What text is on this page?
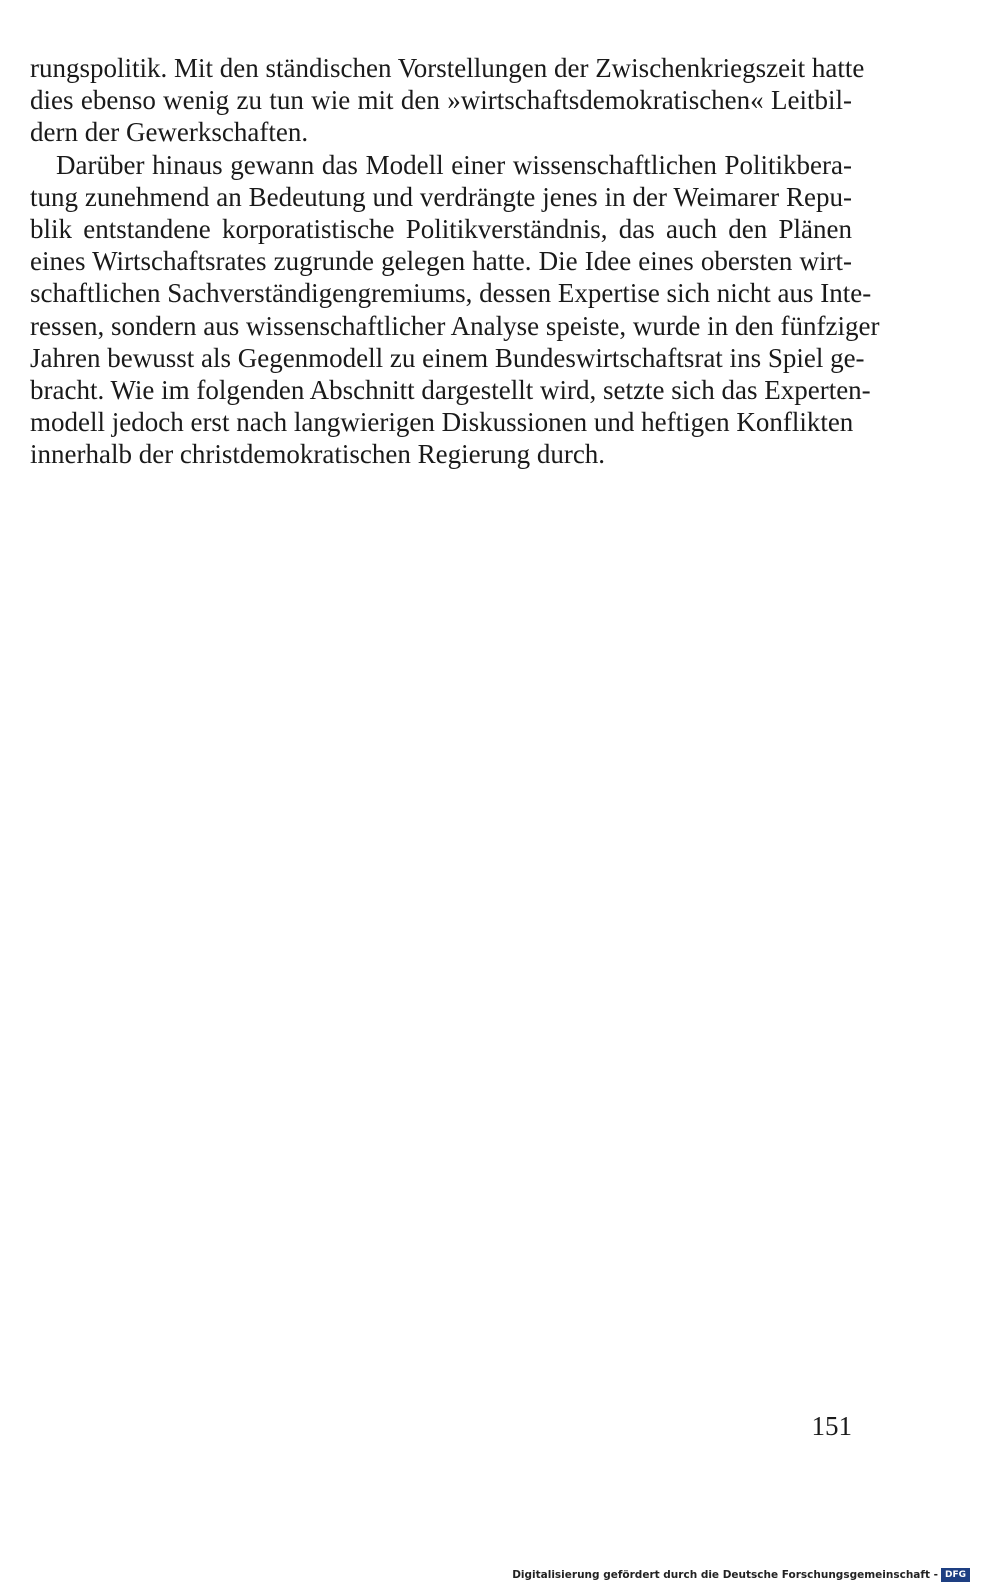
rungspolitik. Mit den ständischen Vorstellungen der Zwischenkriegszeit hatte
dies ebenso wenig zu tun wie mit den »wirtschaftsdemokratischen« Leitbil-
dern der Gewerkschaften.
Darüber hinaus gewann das Modell einer wissenschaftlichen Politikbera-
tung zunehmend an Bedeutung und verdrängte jenes in der Weimarer Repu-
blik entstandene korporatistische Politikverständnis, das auch den Plänen
eines Wirtschaftsrates zugrunde gelegen hatte. Die Idee eines obersten wirt-
schaftlichen Sachverständigengremiums, dessen Expertise sich nicht aus Inte-
ressen, sondern aus wissenschaftlicher Analyse speiste, wurde in den fünfziger
Jahren bewusst als Gegenmodell zu einem Bundeswirtschaftsrat ins Spiel ge-
bracht. Wie im folgenden Abschnitt dargestellt wird, setzte sich das Experten-
modell jedoch erst nach langwierigen Diskussionen und heftigen Konflikten
innerhalb der christdemokratischen Regierung durch.
151
Digitalisierung gefördert durch die Deutsche Forschungsgemeinschaft - DFG
